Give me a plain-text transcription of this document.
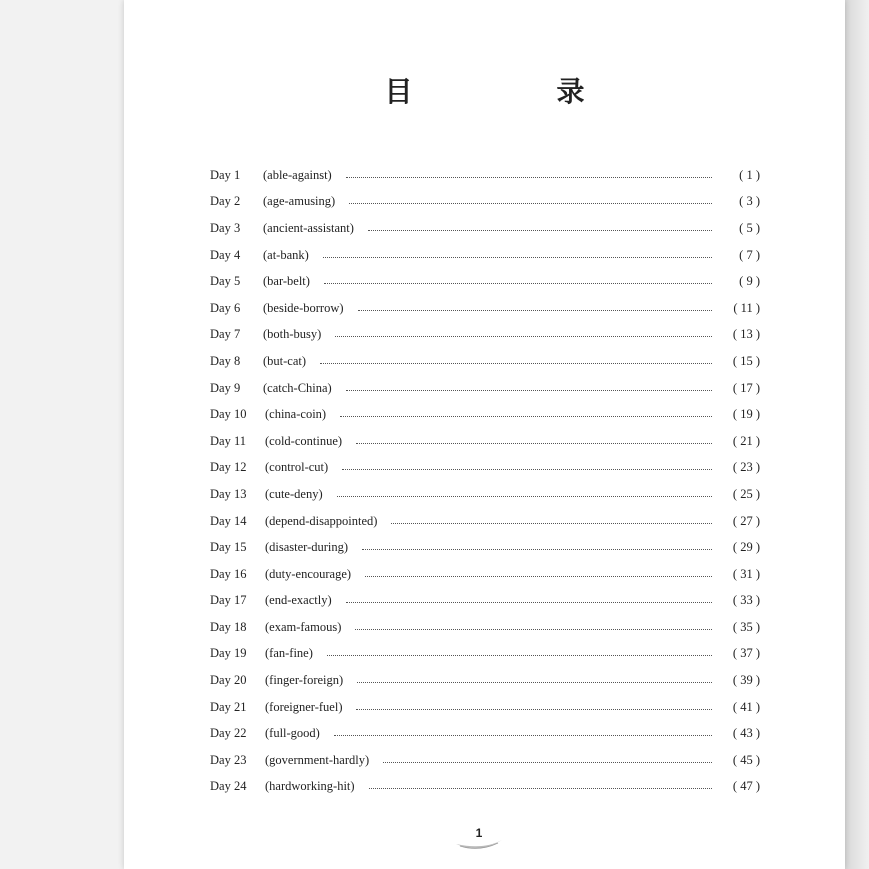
目　录
Day 1	(able-against)	( 1 )
Day 2	(age-amusing)	( 3 )
Day 3	(ancient-assistant)	( 5 )
Day 4	(at-bank)	( 7 )
Day 5	(bar-belt)	( 9 )
Day 6	(beside-borrow)	( 11 )
Day 7	(both-busy)	( 13 )
Day 8	(but-cat)	( 15 )
Day 9	(catch-China)	( 17 )
Day 10	(china-coin)	( 19 )
Day 11	(cold-continue)	( 21 )
Day 12	(control-cut)	( 23 )
Day 13	(cute-deny)	( 25 )
Day 14	(depend-disappointed)	( 27 )
Day 15	(disaster-during)	( 29 )
Day 16	(duty-encourage)	( 31 )
Day 17	(end-exactly)	( 33 )
Day 18	(exam-famous)	( 35 )
Day 19	(fan-fine)	( 37 )
Day 20	(finger-foreign)	( 39 )
Day 21	(foreigner-fuel)	( 41 )
Day 22	(full-good)	( 43 )
Day 23	(government-hardly)	( 45 )
Day 24	(hardworking-hit)	( 47 )
1
